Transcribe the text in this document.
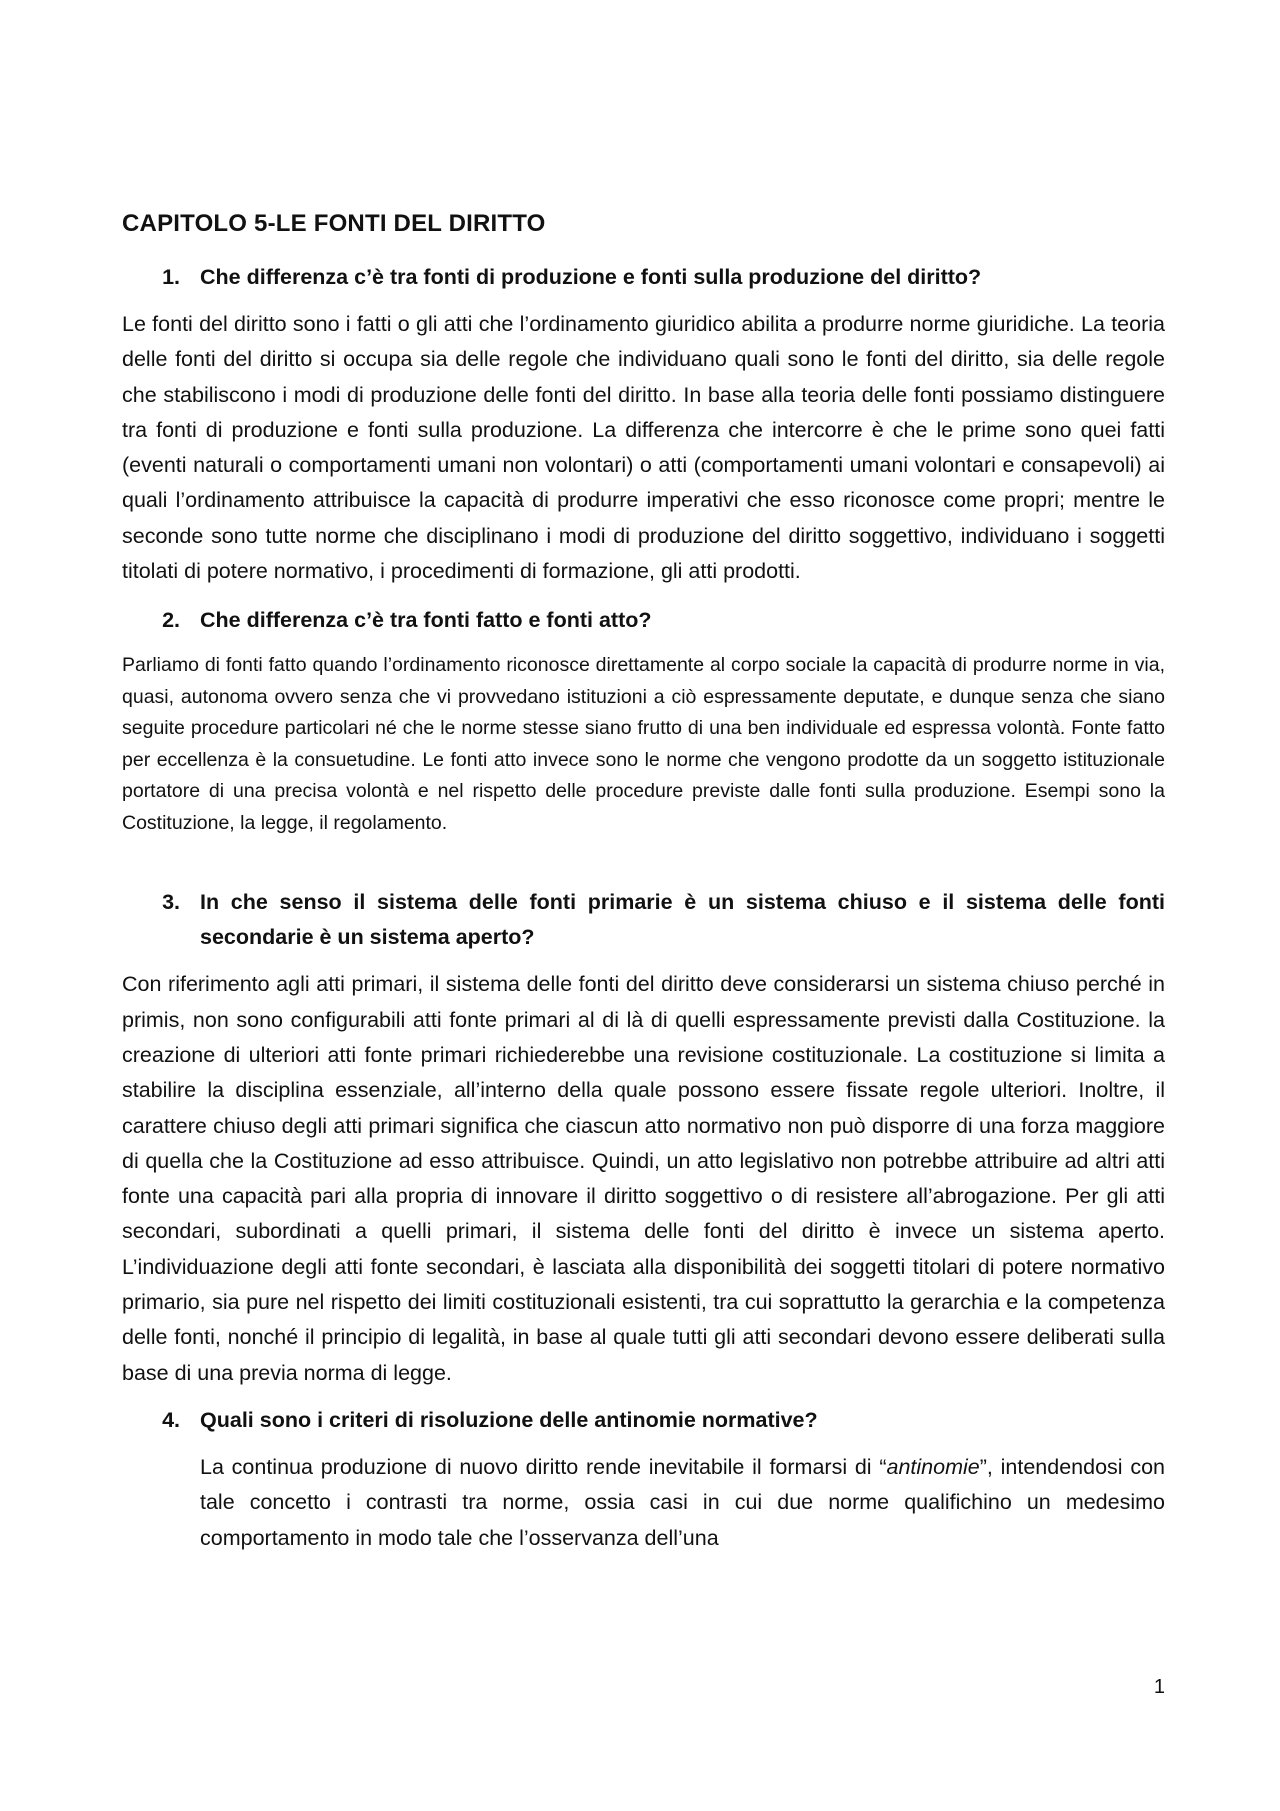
CAPITOLO 5-LE FONTI DEL DIRITTO
1. Che differenza c’è tra fonti di produzione e fonti sulla produzione del diritto?

Le fonti del diritto sono i fatti o gli atti che l’ordinamento giuridico abilita a produrre norme giuridiche. La teoria delle fonti del diritto si occupa sia delle regole che individuano quali sono le fonti del diritto, sia delle regole che stabiliscono i modi di produzione delle fonti del diritto. In base alla teoria delle fonti possiamo distinguere tra fonti di produzione e fonti sulla produzione. La differenza che intercorre è che le prime sono quei fatti (eventi naturali o comportamenti umani non volontari) o atti (comportamenti umani volontari e consapevoli) ai quali l’ordinamento attribuisce la capacità di produrre imperativi che esso riconosce come propri; mentre le seconde sono tutte norme che disciplinano i modi di produzione del diritto soggettivo, individuano i soggetti titolati di potere normativo, i procedimenti di formazione, gli atti prodotti.

2. Che differenza c’è tra fonti fatto e fonti atto?

Parliamo di fonti fatto quando l’ordinamento riconosce direttamente al corpo sociale la capacità di produrre norme in via, quasi, autonoma ovvero senza che vi provvedano istituzioni a ciò espressamente deputate, e dunque senza che siano seguite procedure particolari né che le norme stesse siano frutto di una ben individuale ed espressa volontà. Fonte fatto per eccellenza è la consuetudine. Le fonti atto invece sono le norme che vengono prodotte da un soggetto istituzionale portatore di una precisa volontà e nel rispetto delle procedure previste dalle fonti sulla produzione. Esempi sono la Costituzione, la legge, il regolamento.

3. In che senso il sistema delle fonti primarie è un sistema chiuso e il sistema delle fonti secondarie è un sistema aperto?

Con riferimento agli atti primari, il sistema delle fonti del diritto deve considerarsi un sistema chiuso perché in primis, non sono configurabili atti fonte primari al di là di quelli espressamente previsti dalla Costituzione. la creazione di ulteriori atti fonte primari richiederebbe una revisione costituzionale. La costituzione si limita a stabilire la disciplina essenziale, all’interno della quale possono essere fissate regole ulteriori. Inoltre, il carattere chiuso degli atti primari significa che ciascun atto normativo non può disporre di una forza maggiore di quella che la Costituzione ad esso attribuisce. Quindi, un atto legislativo non potrebbe attribuire ad altri atti fonte una capacità pari alla propria di innovare il diritto soggettivo o di resistere all’abrogazione. Per gli atti secondari, subordinati a quelli primari, il sistema delle fonti del diritto è invece un sistema aperto. L’individuazione degli atti fonte secondari, è lasciata alla disponibilità dei soggetti titolari di potere normativo primario, sia pure nel rispetto dei limiti costituzionali esistenti, tra cui soprattutto la gerarchia e la competenza delle fonti, nonché il principio di legalità, in base al quale tutti gli atti secondari devono essere deliberati sulla base di una previa norma di legge.

4. Quali sono i criteri di risoluzione delle antinomie normative?

La continua produzione di nuovo diritto rende inevitabile il formarsi di “antinomie”, intendendosi con tale concetto i contrasti tra norme, ossia casi in cui due norme qualifichino un medesimo comportamento in modo tale che l’osservanza dell’una

1
